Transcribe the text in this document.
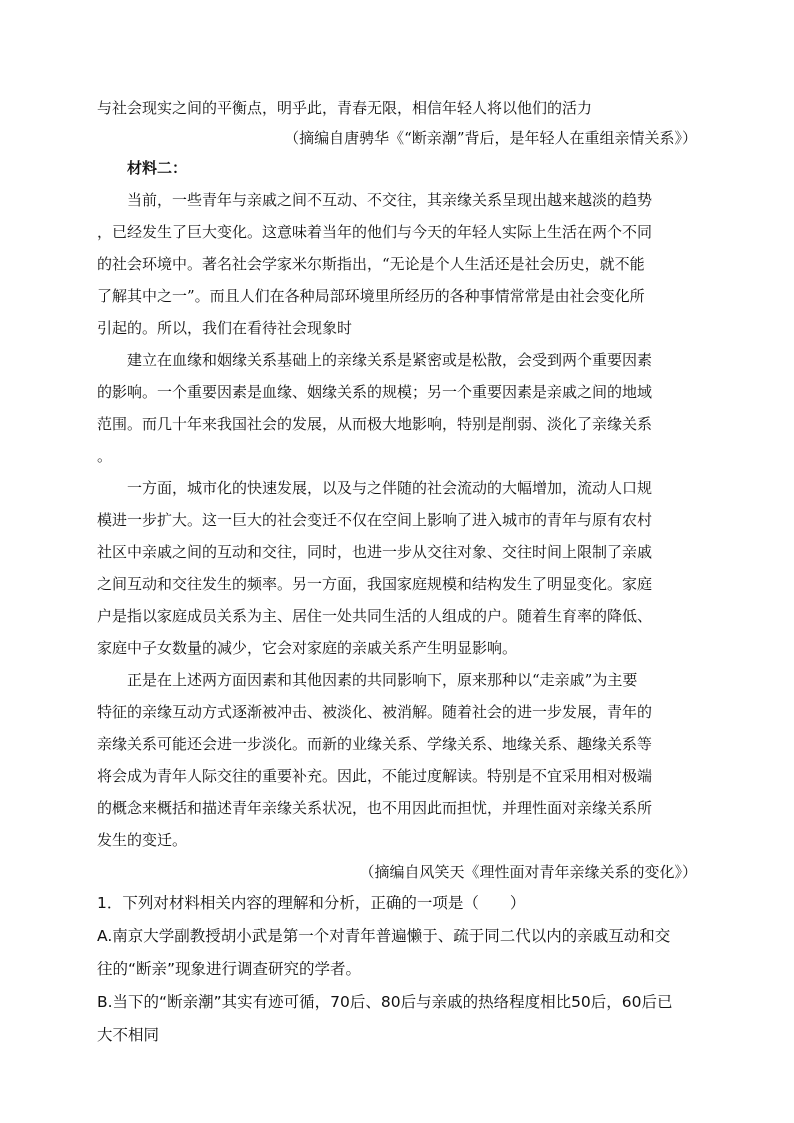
与社会现实之间的平衡点，明乎此，青春无限，相信年轻人将以他们的活力
（摘编自唐骋华《“断亲潮”背后，是年轻人在重组亲情关系》）
材料二：
当前，一些青年与亲戚之间不互动、不交往，其亲缘关系呈现出越来越淡的趋势
，已经发生了巨大变化。这意味着当年的他们与今天的年轻人实际上生活在两个不同
的社会环境中。著名社会学家米尔斯指出，“无论是个人生活还是社会历史，就不能
了解其中之一”。而且人们在各种局部环境里所经历的各种事情常常是由社会变化所
引起的。所以，我们在看待社会现象时
建立在血缘和姻缘关系基础上的亲缘关系是紧密或是松散，会受到两个重要因素
的影响。一个重要因素是血缘、姻缘关系的规模；另一个重要因素是亲戚之间的地域
范围。而几十年来我国社会的发展，从而极大地影响，特别是削弱、淡化了亲缘关系
。
一方面，城市化的快速发展，以及与之伴随的社会流动的大幅增加，流动人口规
模进一步扩大。这一巨大的社会变迁不仅在空间上影响了进入城市的青年与原有农村
社区中亲戚之间的互动和交往，同时，也进一步从交往对象、交往时间上限制了亲戚
之间互动和交往发生的频率。另一方面，我国家庭规模和结构发生了明显变化。家庭
户是指以家庭成员关系为主、居住一处共同生活的人组成的户。随着生育率的降低、
家庭中子女数量的减少，它会对家庭的亲戚关系产生明显影响。
正是在上述两方面因素和其他因素的共同影响下，原来那种以“走亲戚”为主要
特征的亲缘互动方式逐渐被冲击、被淡化、被消解。随着社会的进一步发展，青年的
亲缘关系可能还会进一步淡化。而新的业缘关系、学缘关系、地缘关系、趣缘关系等
将会成为青年人际交往的重要补充。因此，不能过度解读。特别是不宜采用相对极端
的概念来概括和描述青年亲缘关系状况，也不用因此而担忧，并理性面对亲缘关系所
发生的变迁。
（摘编自风笑天《理性面对青年亲缘关系的变化》）
1．下列对材料相关内容的理解和分析，正确的一项是（　　）
A.南京大学副教授胡小武是第一个对青年普遍懒于、疏于同二代以内的亲戚互动和交
往的“断亲”现象进行调查研究的学者。
B.当下的“断亲潮”其实有迹可循，70后、80后与亲戚的热络程度相比50后，60后已
大不相同
